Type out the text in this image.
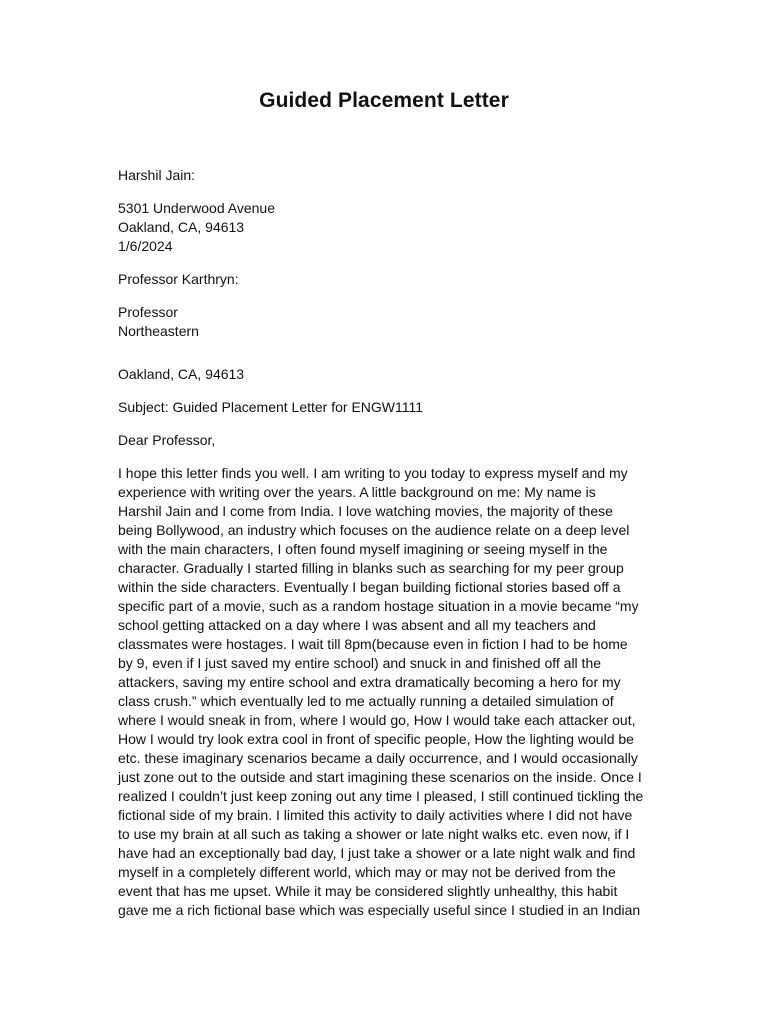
Guided Placement Letter

Harshil Jain:

5301 Underwood Avenue
Oakland, CA, 94613
1/6/2024

Professor Karthryn:

Professor
Northeastern

Oakland, CA, 94613

Subject: Guided Placement Letter for ENGW1111

Dear Professor,

I hope this letter finds you well. I am writing to you today to express myself and my
experience with writing over the years. A little background on me: My name is
Harshil Jain and I come from India. I love watching movies, the majority of these
being Bollywood, an industry which focuses on the audience relate on a deep level
with the main characters, I often found myself imagining or seeing myself in the
character. Gradually I started filling in blanks such as searching for my peer group
within the side characters. Eventually I began building fictional stories based off a
specific part of a movie, such as a random hostage situation in a movie became “my
school getting attacked on a day where I was absent and all my teachers and
classmates were hostages. I wait till 8pm(because even in fiction I had to be home
by 9, even if I just saved my entire school) and snuck in and finished off all the
attackers, saving my entire school and extra dramatically becoming a hero for my
class crush.” which eventually led to me actually running a detailed simulation of
where I would sneak in from, where I would go, How I would take each attacker out,
How I would try look extra cool in front of specific people, How the lighting would be
etc. these imaginary scenarios became a daily occurrence, and I would occasionally
just zone out to the outside and start imagining these scenarios on the inside. Once I
realized I couldn’t just keep zoning out any time I pleased, I still continued tickling the
fictional side of my brain. I limited this activity to daily activities where I did not have
to use my brain at all such as taking a shower or late night walks etc. even now, if I
have had an exceptionally bad day, I just take a shower or a late night walk and find
myself in a completely different world, which may or may not be derived from the
event that has me upset. While it may be considered slightly unhealthy, this habit
gave me a rich fictional base which was especially useful since I studied in an Indian
